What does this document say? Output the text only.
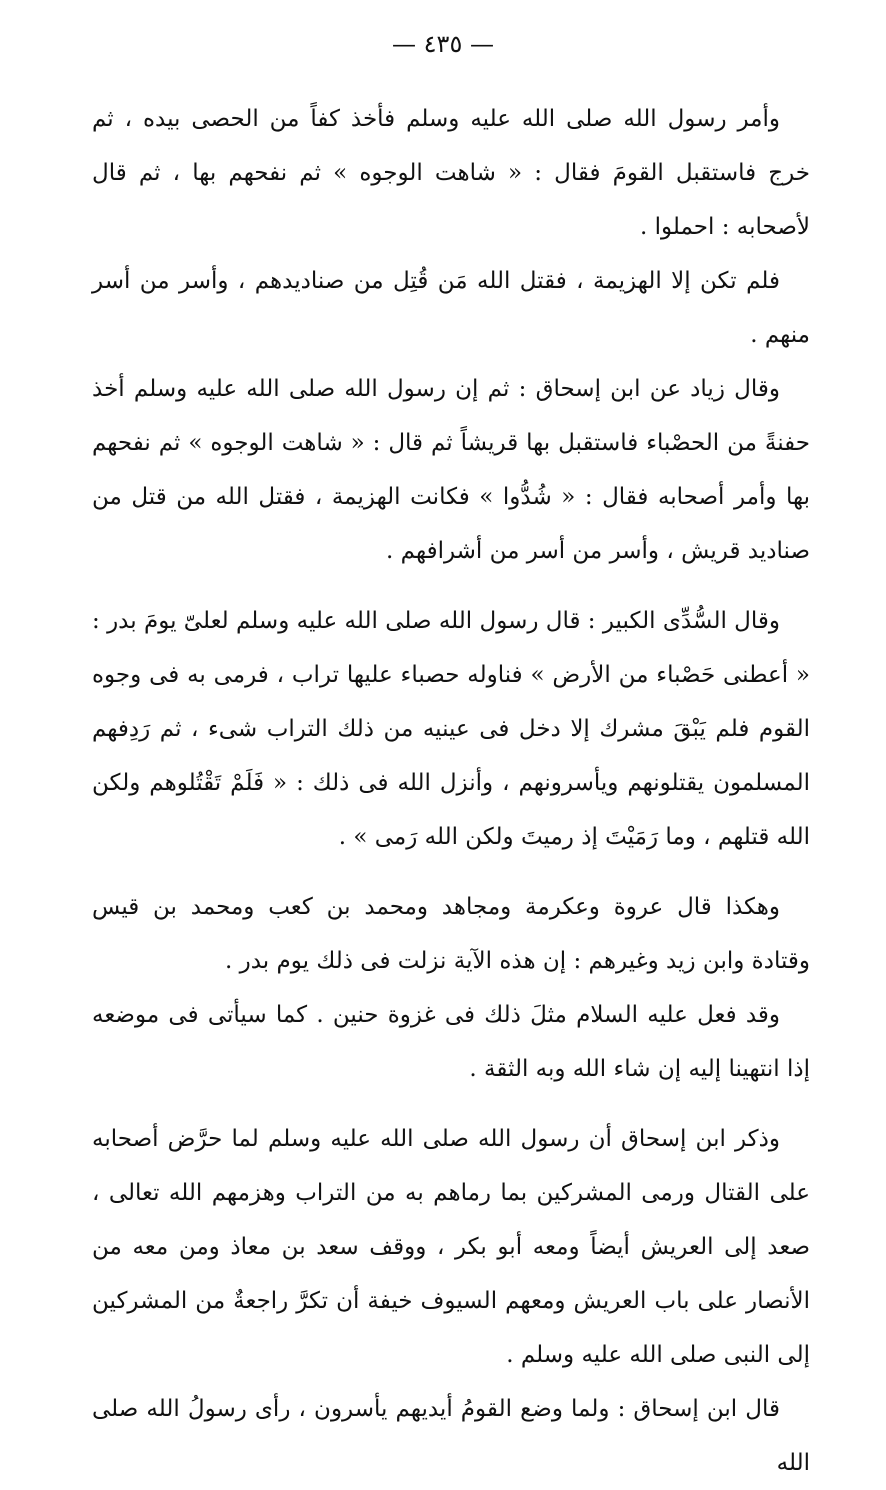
— ٤٣٥ —

وأمر رسول الله صلى الله عليه وسلم فأخذ كفاً من الحصى بيده ، ثم خرج فاستقبل القومَ فقال : « شاهت الوجوه » ثم نفحهم بها ، ثم قال لأصحابه : احملوا .

فلم تكن إلا الهزيمة ، فقتل الله مَن قُتِل من صناديدهم ، وأسر من أسر منهم .

وقال زياد عن ابن إسحاق : ثم إن رسول الله صلى الله عليه وسلم أخذ حفنةً من الحصْباء فاستقبل بها قريشاً ثم قال : « شاهت الوجوه » ثم نفحهم بها وأمر أصحابه فقال : « شُدُّوا » فكانت الهزيمة ، فقتل الله من قتل من صناديد قريش ، وأسر من أسر من أشرافهم .

وقال السُّدِّى الكبير : قال رسول الله صلى الله عليه وسلم لعلىّ يومَ بدر : « أعطنى حَصْباء من الأرض » فناوله حصباء عليها تراب ، فرمى به فى وجوه القوم فلم يَبْقَ مشرك إلا دخل فى عينيه من ذلك التراب شىء ، ثم رَدِفهم المسلمون يقتلونهم ويأسرونهم ، وأنزل الله فى ذلك : « فَلَمْ تَقْتُلوهم ولكن الله قتلهم ، وما رَمَيْتَ إذ رميتَ ولكن الله رَمى » .

وهكذا قال عروة وعكرمة ومجاهد ومحمد بن كعب ومحمد بن قيس وقتادة وابن زيد وغيرهم : إن هذه الآية نزلت فى ذلك يوم بدر .

وقد فعل عليه السلام مثلَ ذلك فى غزوة حنين . كما سيأتى فى موضعه إذا انتهينا إليه إن شاء الله وبه الثقة .

وذكر ابن إسحاق أن رسول الله صلى الله عليه وسلم لما حرَّض أصحابه على القتال ورمى المشركين بما رماهم به من التراب وهزمهم الله تعالى ، صعد إلى العريش أيضاً ومعه أبو بكر ، ووقف سعد بن معاذ ومن معه من الأنصار على باب العريش ومعهم السيوف خيفة أن تكرَّ راجعةٌ من المشركين إلى النبى صلى الله عليه وسلم .

قال ابن إسحاق : ولما وضع القومُ أيديهم يأسرون ، رأى رسولُ الله صلى الله
